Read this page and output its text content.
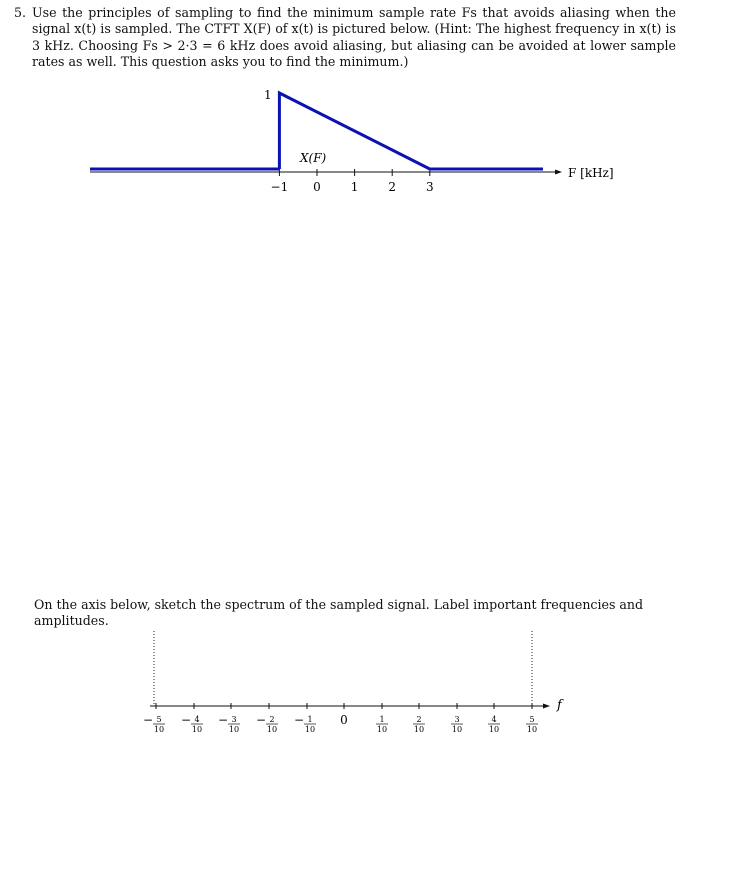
5. Use the principles of sampling to find the minimum sample rate Fs that avoids aliasing when the signal x(t) is sampled. The CTFT X(F) of x(t) is pictured below. (Hint: The highest frequency in x(t) is 3 kHz. Choosing Fs > 2·3 = 6 kHz does avoid aliasing, but aliasing can be avoided at lower sample rates as well. This question asks you to find the minimum.)
−1 0 1 2 3
1
X(F)
F [kHz]
On the axis below, sketch the spectrum of the sampled signal. Label important frequencies and amplitudes.
f
− 5
10
− 4
10
− 3
10
− 2
10
− 1
10
0	1
10
2
10
3
10
4
10
5
10
